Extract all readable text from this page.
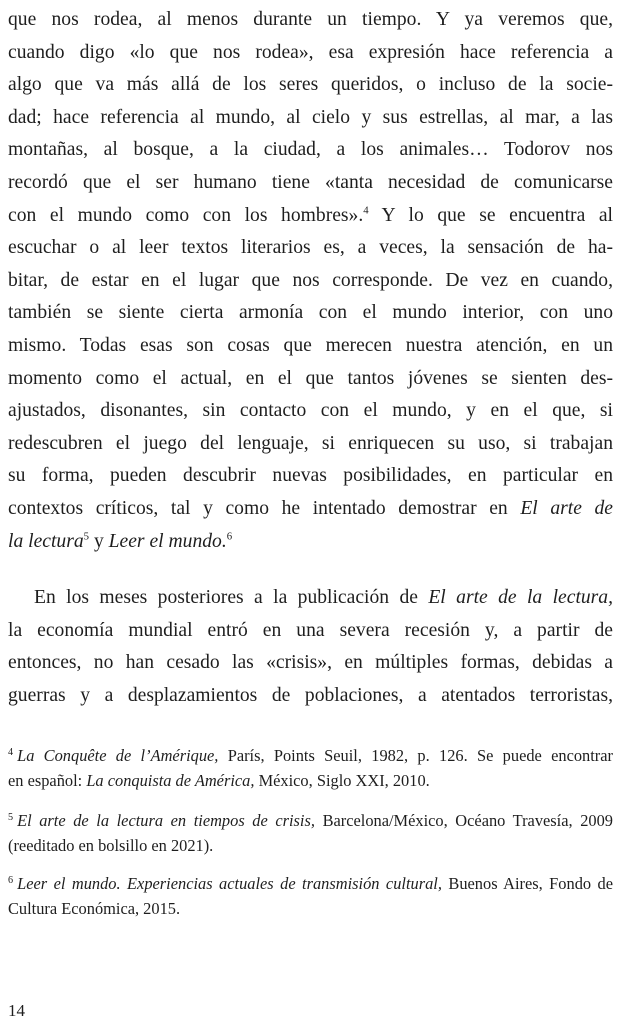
que nos rodea, al menos durante un tiempo. Y ya veremos que,
cuando digo «lo que nos rodea», esa expresión hace referencia a
algo que va más allá de los seres queridos, o incluso de la socie-
dad; hace referencia al mundo, al cielo y sus estrellas, al mar, a las
montañas, al bosque, a la ciudad, a los animales… Todorov nos
recordó que el ser humano tiene «tanta necesidad de comunicarse
con el mundo como con los hombres».$^4$ Y lo que se encuentra al
escuchar o al leer textos literarios es, a veces, la sensación de ha-
bitar, de estar en el lugar que nos corresponde. De vez en cuando,
también se siente cierta armonía con el mundo interior, con uno
mismo. Todas esas son cosas que merecen nuestra atención, en un
momento como el actual, en el que tantos jóvenes se sienten des-
ajustados, disonantes, sin contacto con el mundo, y en el que, si
redescubren el juego del lenguaje, si enriquecen su uso, si trabajan
su forma, pueden descubrir nuevas posibilidades, en particular en
contextos críticos, tal y como he intentado demostrar en El arte de
la lectura$^5$ y Leer el mundo.$^6$

En los meses posteriores a la publicación de El arte de la lectura,
la economía mundial entró en una severa recesión y, a partir de
entonces, no han cesado las «crisis», en múltiples formas, debidas a
guerras y a desplazamientos de poblaciones, a atentados terroristas,

$^4$ La Conquête de l’Amérique, París, Points Seuil, 1982, p. 126. Se puede encontrar
en español: La conquista de América, México, Siglo XXI, 2010.

$^5$ El arte de la lectura en tiempos de crisis, Barcelona/México, Océano Travesía, 2009
(reeditado en bolsillo en 2021).

$^6$ Leer el mundo. Experiencias actuales de transmisión cultural, Buenos Aires, Fondo de
Cultura Económica, 2015.

14
